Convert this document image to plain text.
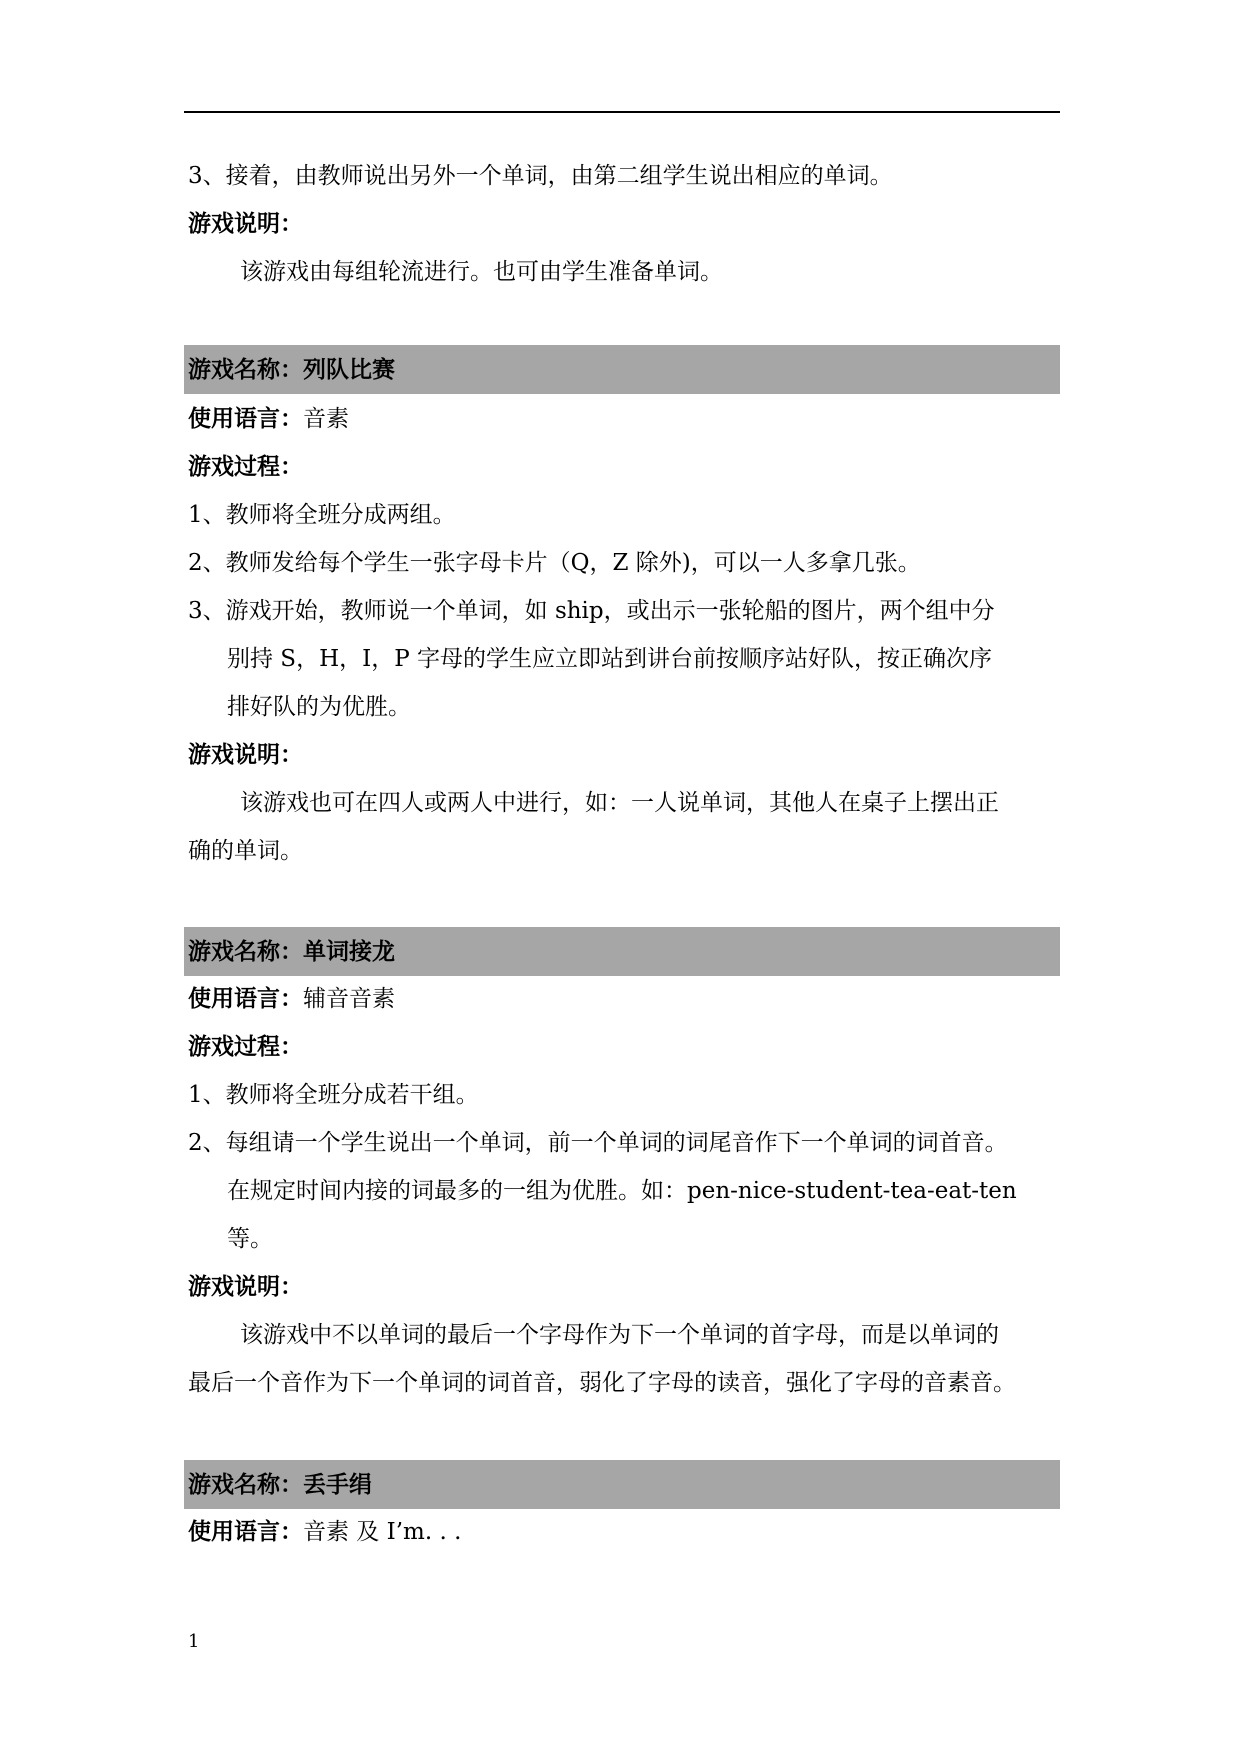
3、接着，由教师说出另外一个单词，由第二组学生说出相应的单词。
游戏说明：
该游戏由每组轮流进行。也可由学生准备单词。
游戏名称：列队比赛
使用语言：音素
游戏过程：
1、教师将全班分成两组。
2、教师发给每个学生一张字母卡片（Q，Z 除外)，可以一人多拿几张。
3、游戏开始，教师说一个单词，如 ship，或出示一张轮船的图片，两个组中分
别持 S，H，I，P 字母的学生应立即站到讲台前按顺序站好队，按正确次序
排好队的为优胜。
游戏说明：
该游戏也可在四人或两人中进行，如：一人说单词，其他人在桌子上摆出正
确的单词。
游戏名称：单词接龙
使用语言：辅音音素
游戏过程：
1、教师将全班分成若干组。
2、每组请一个学生说出一个单词，前一个单词的词尾音作下一个单词的词首音。
在规定时间内接的词最多的一组为优胜。如：pen-nice-student-tea-eat-ten
等。
游戏说明：
该游戏中不以单词的最后一个字母作为下一个单词的首字母，而是以单词的
最后一个音作为下一个单词的词首音，弱化了字母的读音，强化了字母的音素音。
游戏名称：丢手绢
使用语言：音素 及 I’m. . .
1
